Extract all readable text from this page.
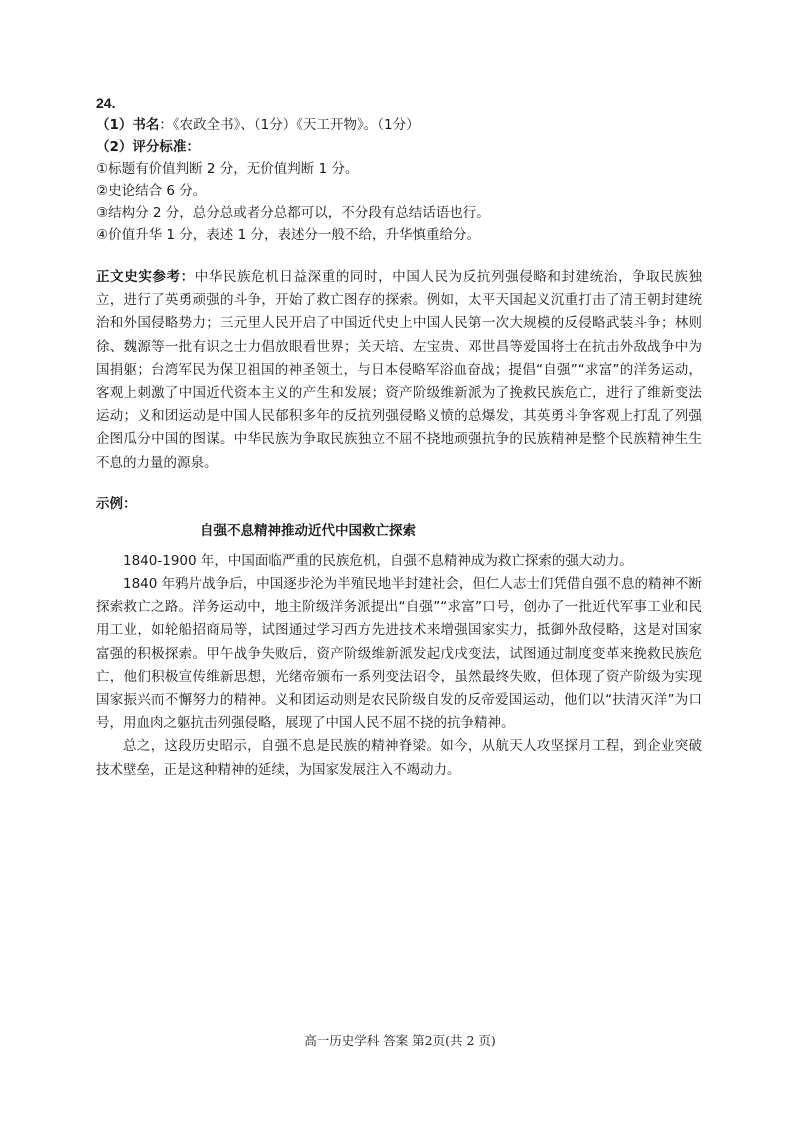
24.
（1）书名：《农政全书》、（1分）《天工开物》。（1分）
（2）评分标准：
①标题有价值判断 2 分，无价值判断 1 分。
②史论结合 6 分。
③结构分 2 分，总分总或者分总都可以，不分段有总结话语也行。
④价值升华 1 分，表述 1 分，表述分一般不给，升华慎重给分。

正文史实参考：中华民族危机日益深重的同时，中国人民为反抗列强侵略和封建统治，争取民族独立，进行了英勇顽强的斗争，开始了救亡图存的探索。例如，太平天国起义沉重打击了清王朝封建统治和外国侵略势力；三元里人民开启了中国近代史上中国人民第一次大规模的反侵略武装斗争；林则徐、魏源等一批有识之士力倡放眼看世界；关天培、左宝贵、邓世昌等爱国将士在抗击外敌战争中为国捐躯；台湾军民为保卫祖国的神圣领土，与日本侵略军浴血奋战；提倡“自强”“求富”的洋务运动，客观上刺激了中国近代资本主义的产生和发展；资产阶级维新派为了挽救民族危亡，进行了维新变法运动；义和团运动是中国人民郁积多年的反抗列强侵略义愤的总爆发，其英勇斗争客观上打乱了列强企图瓜分中国的图谋。中华民族为争取民族独立不屈不挠地顽强抗争的民族精神是整个民族精神生生不息的力量的源泉。

示例：
自强不息精神推动近代中国救亡探索

1840-1900 年，中国面临严重的民族危机，自强不息精神成为救亡探索的强大动力。

1840 年鸦片战争后，中国逐步沦为半殖民地半封建社会，但仁人志士们凭借自强不息的精神不断探索救亡之路。洋务运动中，地主阶级洋务派提出“自强”“求富”口号，创办了一批近代军事工业和民用工业，如轮船招商局等，试图通过学习西方先进技术来增强国家实力，抵御外敌侵略，这是对国家富强的积极探索。甲午战争失败后，资产阶级维新派发起戊戌变法，试图通过制度变革来挽救民族危亡，他们积极宣传维新思想，光绪帝颁布一系列变法诏令，虽然最终失败，但体现了资产阶级为实现国家振兴而不懈努力的精神。义和团运动则是农民阶级自发的反帝爱国运动，他们以“扶清灭洋”为口号，用血肉之躯抗击列强侵略，展现了中国人民不屈不挠的抗争精神。

总之，这段历史昭示，自强不息是民族的精神脊梁。如今，从航天人攻坚探月工程，到企业突破技术壁垒，正是这种精神的延续，为国家发展注入不竭动力。

高一历史学科 答案 第2页(共 2 页)
